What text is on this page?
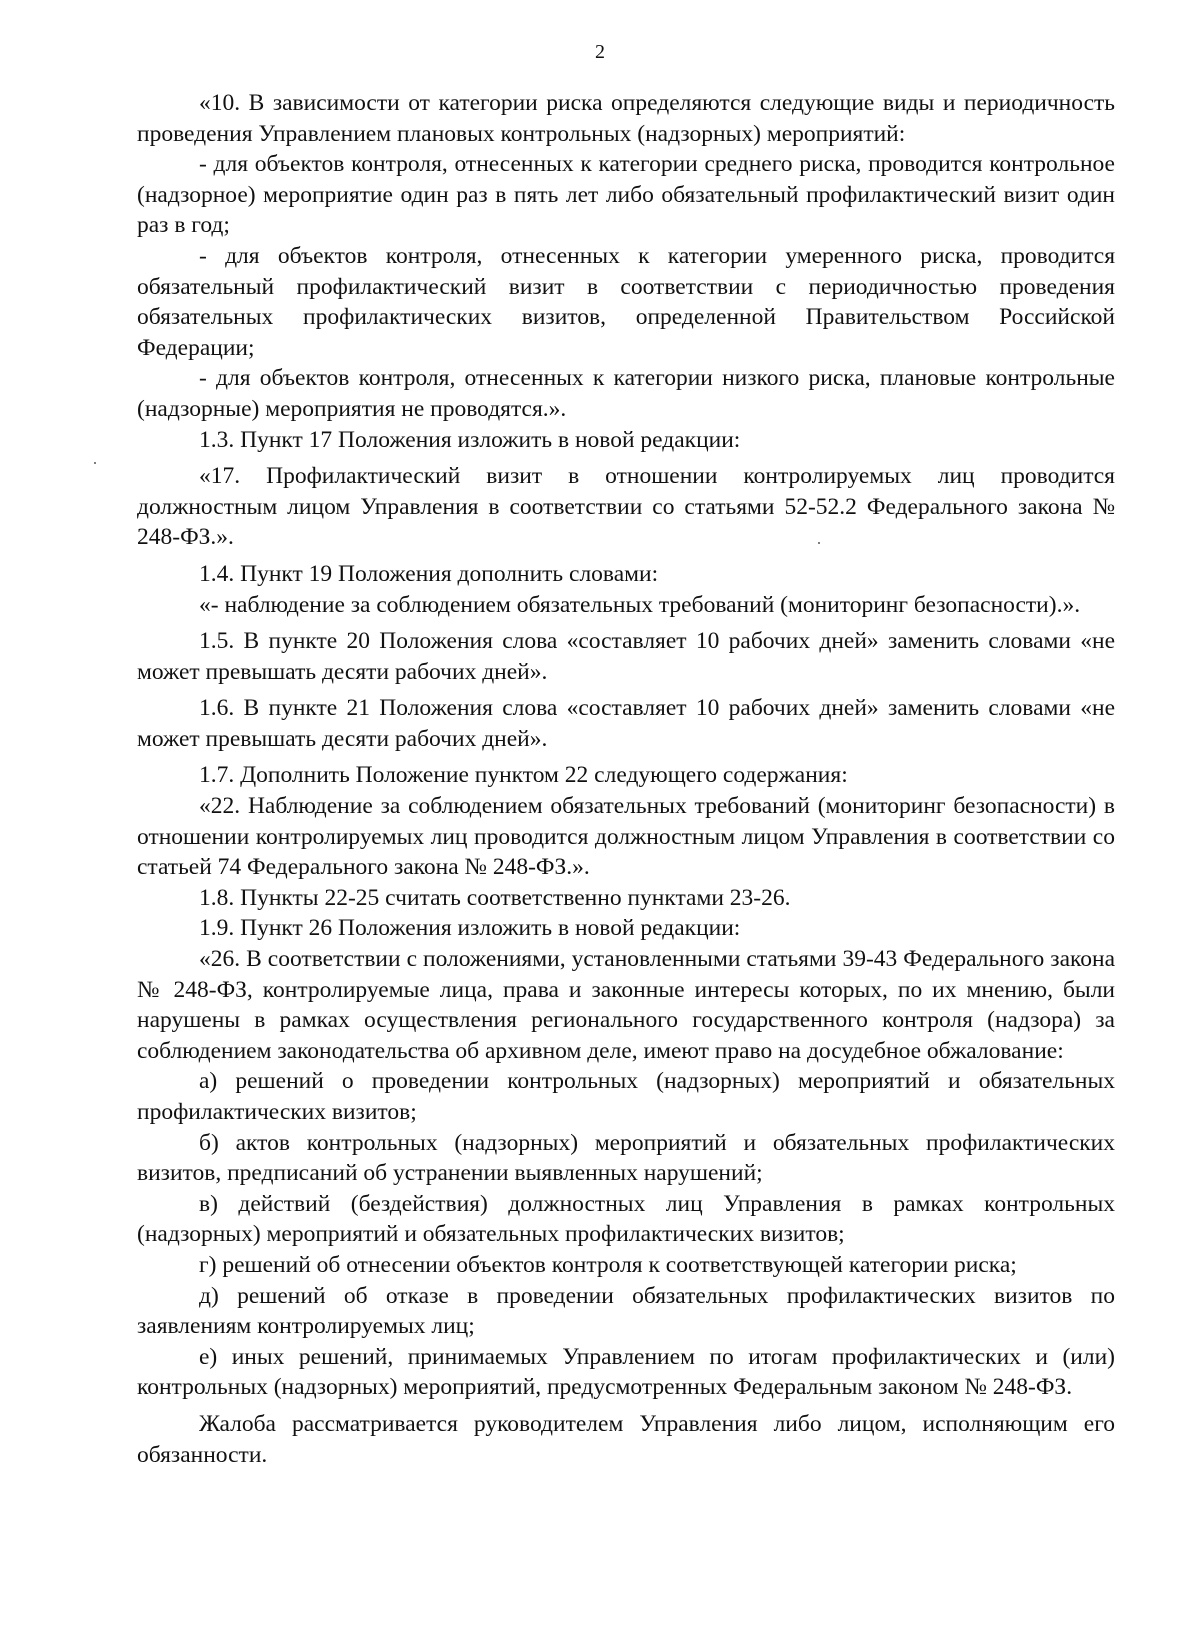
2

«10. В зависимости от категории риска определяются следующие виды и периодичность проведения Управлением плановых контрольных (надзорных) мероприятий:

- для объектов контроля, отнесенных к категории среднего риска, проводится контрольное (надзорное) мероприятие один раз в пять лет либо обязательный профилактический визит один раз в год;

- для объектов контроля, отнесенных к категории умеренного риска, проводится обязательный профилактический визит в соответствии с периодичностью проведения обязательных профилактических визитов, определенной Правительством Российской Федерации;

- для объектов контроля, отнесенных к категории низкого риска, плановые контрольные (надзорные) мероприятия не проводятся.».

1.3. Пункт 17 Положения изложить в новой редакции:

«17. Профилактический визит в отношении контролируемых лиц проводится должностным лицом Управления в соответствии со статьями 52-52.2 Федерального закона № 248-ФЗ.».

1.4. Пункт 19 Положения дополнить словами:

«- наблюдение за соблюдением обязательных требований (мониторинг безопасности).».

1.5. В пункте 20 Положения слова «составляет 10 рабочих дней» заменить словами «не может превышать десяти рабочих дней».

1.6. В пункте 21 Положения слова «составляет 10 рабочих дней» заменить словами «не может превышать десяти рабочих дней».

1.7. Дополнить Положение пунктом 22 следующего содержания:

«22. Наблюдение за соблюдением обязательных требований (мониторинг безопасности) в отношении контролируемых лиц проводится должностным лицом Управления в соответствии со статьей 74 Федерального закона № 248-ФЗ.».

1.8. Пункты 22-25 считать соответственно пунктами 23-26.

1.9. Пункт 26 Положения изложить в новой редакции:

«26. В соответствии с положениями, установленными статьями 39-43 Федерального закона № 248-ФЗ, контролируемые лица, права и законные интересы которых, по их мнению, были нарушены в рамках осуществления регионального государственного контроля (надзора) за соблюдением законодательства об архивном деле, имеют право на досудебное обжалование:

а) решений о проведении контрольных (надзорных) мероприятий и обязательных профилактических визитов;

б) актов контрольных (надзорных) мероприятий и обязательных профилактических визитов, предписаний об устранении выявленных нарушений;

в) действий (бездействия) должностных лиц Управления в рамках контрольных (надзорных) мероприятий и обязательных профилактических визитов;

г) решений об отнесении объектов контроля к соответствующей категории риска;

д) решений об отказе в проведении обязательных профилактических визитов по заявлениям контролируемых лиц;

е) иных решений, принимаемых Управлением по итогам профилактических и (или) контрольных (надзорных) мероприятий, предусмотренных Федеральным законом № 248-ФЗ.

Жалоба рассматривается руководителем Управления либо лицом, исполняющим его обязанности.
